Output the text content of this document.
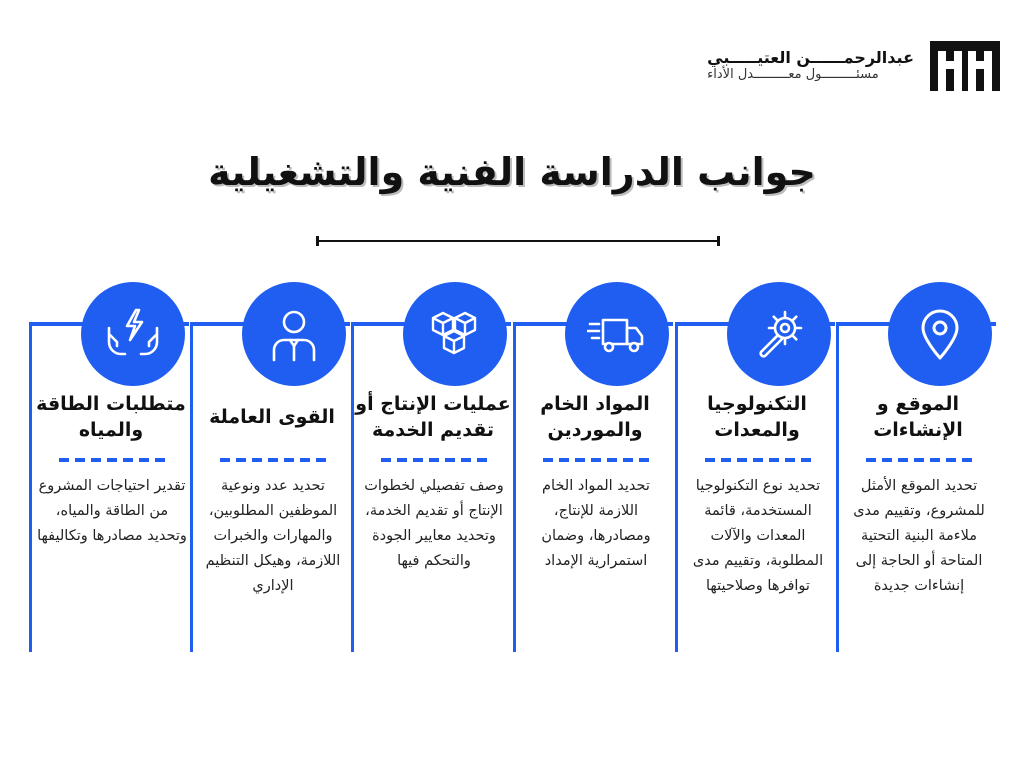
عبدالرحمــــــن العتيـــــبي
مسئـــــــــول معـــــــــدل الأداء
جوانب الدراسة الفنية والتشغيلية
الموقع و الإنشاءات
تحديد الموقع الأمثل للمشروع، وتقييم مدى ملاءمة البنية التحتية المتاحة أو الحاجة إلى إنشاءات جديدة
التكنولوجيا والمعدات
تحديد نوع التكنولوجيا المستخدمة، قائمة المعدات والآلات المطلوبة، وتقييم مدى توافرها وصلاحيتها
المواد الخام والموردين
تحديد المواد الخام اللازمة للإنتاج، ومصادرها، وضمان استمرارية الإمداد
عمليات الإنتاج أو تقديم الخدمة
وصف تفصيلي لخطوات الإنتاج أو تقديم الخدمة، وتحديد معايير الجودة والتحكم فيها
القوى العاملة
تحديد عدد ونوعية الموظفين المطلوبين، والمهارات والخبرات اللازمة، وهيكل التنظيم الإداري
متطلبات الطاقة والمياه
تقدير احتياجات المشروع من الطاقة والمياه، وتحديد مصادرها وتكاليفها
